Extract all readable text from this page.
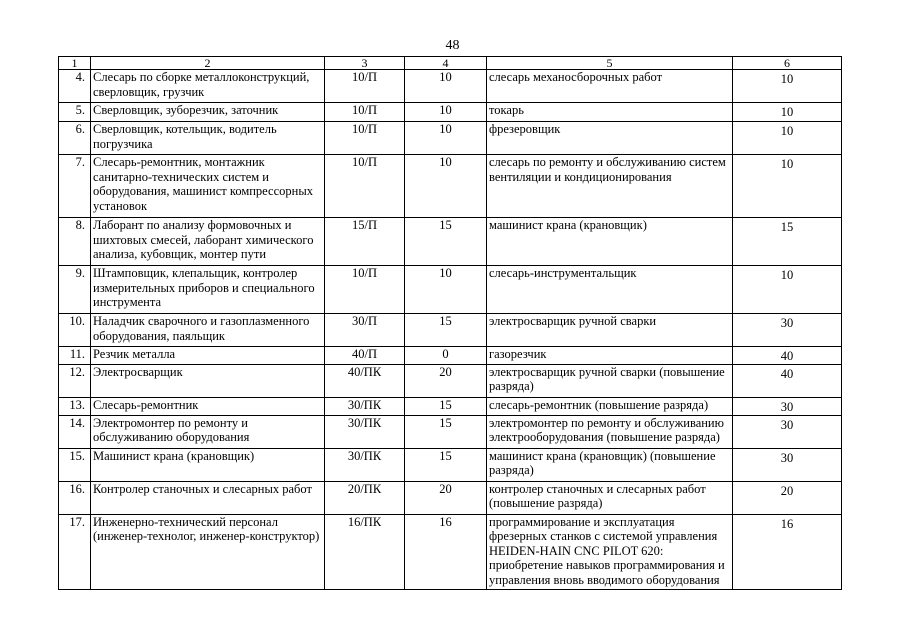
48
1	2	3	4	5	6
4.	Слесарь по сборке металлоконструкций, сверловщик, грузчик	10/П	10	слесарь механосборочных работ	10
5.	Сверловщик, зуборезчик, заточник	10/П	10	токарь	10
6.	Сверловщик, котельщик, водитель погрузчика	10/П	10	фрезеровщик	10
7.	Слесарь-ремонтник, монтажник санитарно-технических систем и оборудования, машинист компрессорных установок	10/П	10	слесарь по ремонту и обслуживанию систем вентиляции и кондиционирования	10
8.	Лаборант по анализу формовочных и шихтовых смесей, лаборант химического анализа, кубовщик, монтер пути	15/П	15	машинист крана (крановщик)	15
9.	Штамповщик, клепальщик, контролер измерительных приборов и специального инструмента	10/П	10	слесарь-инструментальщик	10
10.	Наладчик сварочного и газоплазменного оборудования, паяльщик	30/П	15	электросварщик ручной сварки	30
11.	Резчик металла	40/П	0	газорезчик	40
12.	Электросварщик	40/ПК	20	электросварщик ручной сварки (повышение разряда)	40
13.	Слесарь-ремонтник	30/ПК	15	слесарь-ремонтник (повышение разряда)	30
14.	Электромонтер по ремонту и обслуживанию оборудования	30/ПК	15	электромонтер по ремонту и обслуживанию электрооборудования (повышение разряда)	30
15.	Машинист крана (крановщик)	30/ПК	15	машинист крана (крановщик) (повышение разряда)	30
16.	Контролер станочных и слесарных работ	20/ПК	20	контролер станочных и слесарных работ (повышение разряда)	20
17.	Инженерно-технический персонал (инженер-технолог, инженер-конструктор)	16/ПК	16	программирование и эксплуатация фрезерных станков с системой управления HEIDEN-HAIN CNC PILOT 620: приобретение навыков программирования и управления вновь вводимого оборудования	16
